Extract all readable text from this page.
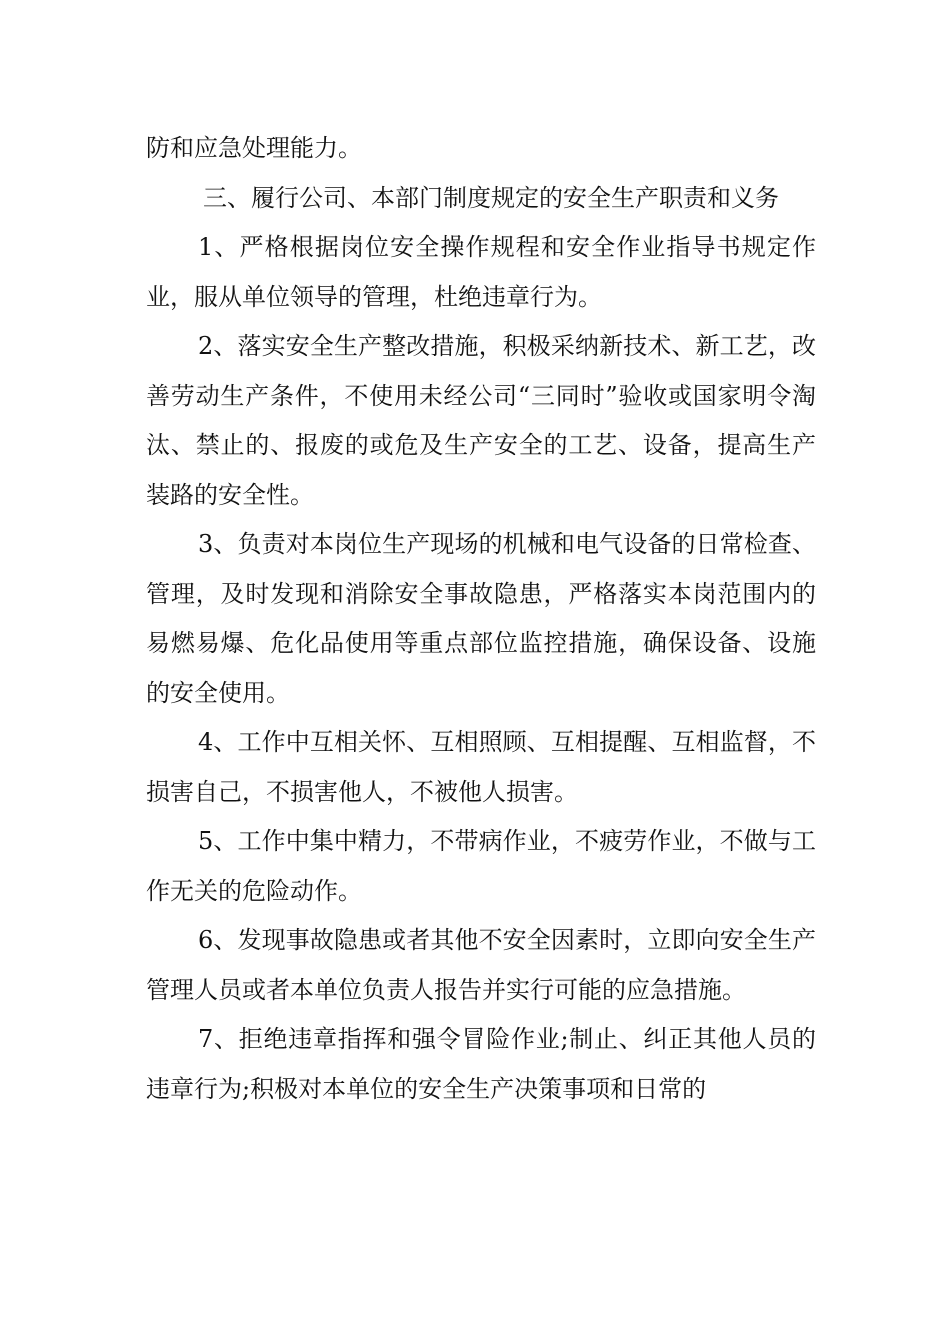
防和应急处理能力。

三、履行公司、本部门制度规定的安全生产职责和义务

1、严格根据岗位安全操作规程和安全作业指导书规定作业，服从单位领导的管理，杜绝违章行为。

2、落实安全生产整改措施，积极采纳新技术、新工艺，改善劳动生产条件，不使用未经公司“三同时”验收或国家明令淘汰、禁止的、报废的或危及生产安全的工艺、设备，提高生产装路的安全性。

3、负责对本岗位生产现场的机械和电气设备的日常检查、管理，及时发现和消除安全事故隐患，严格落实本岗范围内的易燃易爆、危化品使用等重点部位监控措施，确保设备、设施的安全使用。

4、工作中互相关怀、互相照顾、互相提醒、互相监督，不损害自己，不损害他人，不被他人损害。

5、工作中集中精力，不带病作业，不疲劳作业，不做与工作无关的危险动作。

6、发现事故隐患或者其他不安全因素时，立即向安全生产管理人员或者本单位负责人报告并实行可能的应急措施。

7、拒绝违章指挥和强令冒险作业;制止、纠正其他人员的违章行为;积极对本单位的安全生产决策事项和日常的
